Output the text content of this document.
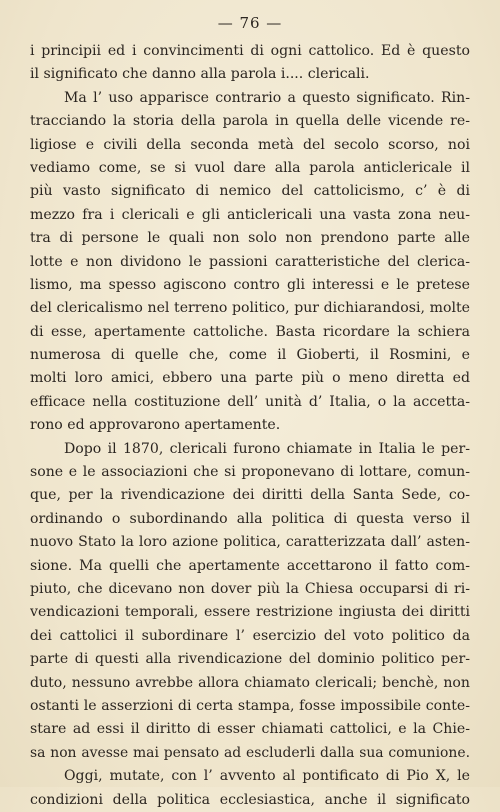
— 76 —
i principii ed i convincimenti di ogni cattolico. Ed è questo
il significato che danno alla parola i.... clericali.
Ma l’ uso apparisce contrario a questo significato. Rin-
tracciando la storia della parola in quella delle vicende re-
ligiose e civili della seconda metà del secolo scorso, noi
vediamo come, se si vuol dare alla parola anticlericale il
più vasto significato di nemico del cattolicismo, c’ è di
mezzo fra i clericali e gli anticlericali una vasta zona neu-
tra di persone le quali non solo non prendono parte alle
lotte e non dividono le passioni caratteristiche del clerica-
lismo, ma spesso agiscono contro gli interessi e le pretese
del clericalismo nel terreno politico, pur dichiarandosi, molte
di esse, apertamente cattoliche. Basta ricordare la schiera
numerosa di quelle che, come il Gioberti, il Rosmini, e
molti loro amici, ebbero una parte più o meno diretta ed
efficace nella costituzione dell’ unità d’ Italia, o la accetta-
rono ed approvarono apertamente.
Dopo il 1870, clericali furono chiamate in Italia le per-
sone e le associazioni che si proponevano di lottare, comun-
que, per la rivendicazione dei diritti della Santa Sede, co-
ordinando o subordinando alla politica di questa verso il
nuovo Stato la loro azione politica, caratterizzata dall’ asten-
sione. Ma quelli che apertamente accettarono il fatto com-
piuto, che dicevano non dover più la Chiesa occuparsi di ri-
vendicazioni temporali, essere restrizione ingiusta dei diritti
dei cattolici il subordinare l’ esercizio del voto politico da
parte di questi alla rivendicazione del dominio politico per-
duto, nessuno avrebbe allora chiamato clericali; benchè, non
ostanti le asserzioni di certa stampa, fosse impossibile conte-
stare ad essi il diritto di esser chiamati cattolici, e la Chie-
sa non avesse mai pensato ad escluderli dalla sua comunione.
Oggi, mutate, con l’ avvento al pontificato di Pio X, le
condizioni della politica ecclesiastica, anche il significato
